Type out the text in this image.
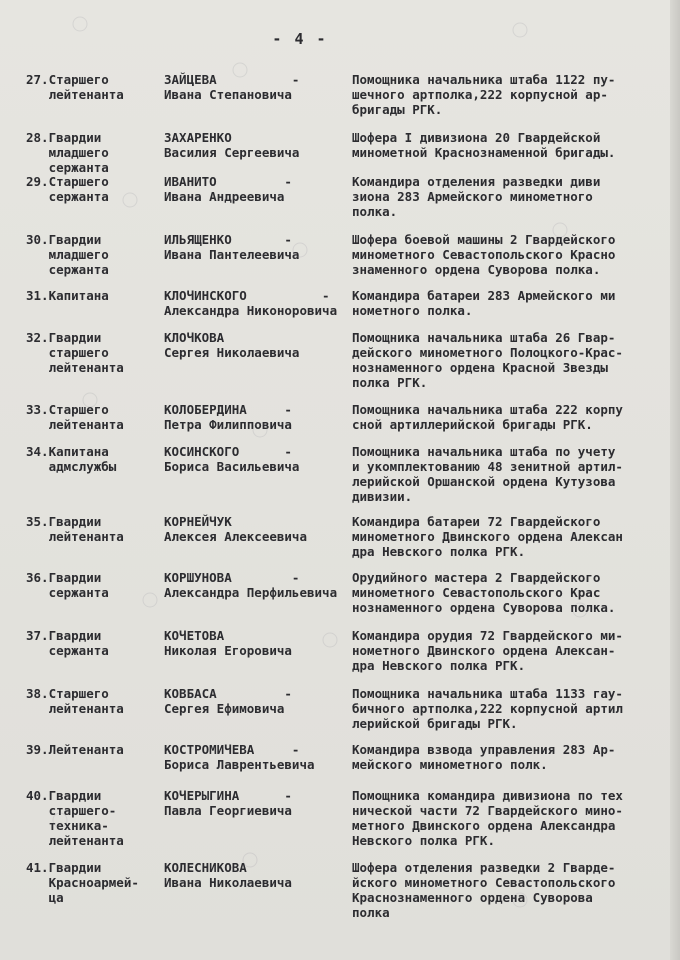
- 4 -
27.Старшего
лейтенанта
ЗАЙЦЕВА          -
Ивана Степановича
Помощника начальника штаба 1122 пу-
шечного артполка,222 корпусной ар-
бригады РГК.
28.Гвардии
младшего
сержанта
ЗАХАРЕНКО
Василия Сергеевича
Шофера I дивизиона 20 Гвардейской
минометной Краснознаменной бригады.
29.Старшего
сержанта
ИВАНИТО         -
Ивана Андреевича
Командира отделения разведки диви
зиона 283 Армейского минометного
полка.
30.Гвардии
младшего
сержанта
ИЛЬЯЩЕНКО       -
Ивана Пантелеевича
Шофера боевой машины 2 Гвардейского
минометного Севастопольского Красно
знаменного ордена Суворова полка.
31.Капитана	КЛОЧИНСКОГО          -
Александра Никоноровича
Командира батареи 283 Армейского ми
нометного полка.
32.Гвардии
старшего
лейтенанта
КЛОЧКОВА
Сергея Николаевича
Помощника начальника штаба 26 Гвар-
дейского минометного Полоцкого-Крас-
нознаменного ордена Красной Звезды
полка РГК.
33.Старшего
лейтенанта
КОЛОБЕРДИНА     -
Петра Филипповича
Помощника начальника штаба 222 корпу
сной артиллерийской бригады РГК.
34.Капитана
адмслужбы
КОСИНСКОГО      -
Бориса Васильевича
Помощника начальника штаба по учету
и укомплектованию 48 зенитной артил-
лерийской Оршанской ордена Кутузова
дивизии.
35.Гвардии
лейтенанта
КОРНЕЙЧУК
Алексея Алексеевича
Командира батареи 72 Гвардейского
минометного Двинского ордена Алексан
дра Невского полка РГК.
36.Гвардии
сержанта
КОРШУНОВА        -
Александра Перфильевича
Орудийного мастера 2 Гвардейского
минометного Севастопольского Крас
нознаменного ордена Суворова полка.
37.Гвардии
сержанта
КОЧЕТОВА
Николая Егоровича
Командира орудия 72 Гвардейского ми-
нометного Двинского ордена Алексан-
дра Невского полка РГК.
38.Старшего
лейтенанта
КОВБАСА         -
Сергея Ефимовича
Помощника начальника штаба 1133 гау-
бичного артполка,222 корпусной артил
лерийской бригады РГК.
39.Лейтенанта	КОСТРОМИЧЕВА     -
Бориса Лаврентьевича
Командира взвода управления 283 Ар-
мейского минометного полк.
40.Гвардии
старшего-
техника-
лейтенанта
КОЧЕРЫГИНА      -
Павла Георгиевича
Помощника командира дивизиона по тех
нической части 72 Гвардейского мино-
метного Двинского ордена Александра
Невского полка РГК.
41.Гвардии
Красноармей-
ца
КОЛЕСНИКОВА
Ивана Николаевича
Шофера отделения разведки 2 Гварде-
йского минометного Севастопольского
Краснознаменного ордена Суворова
полка
